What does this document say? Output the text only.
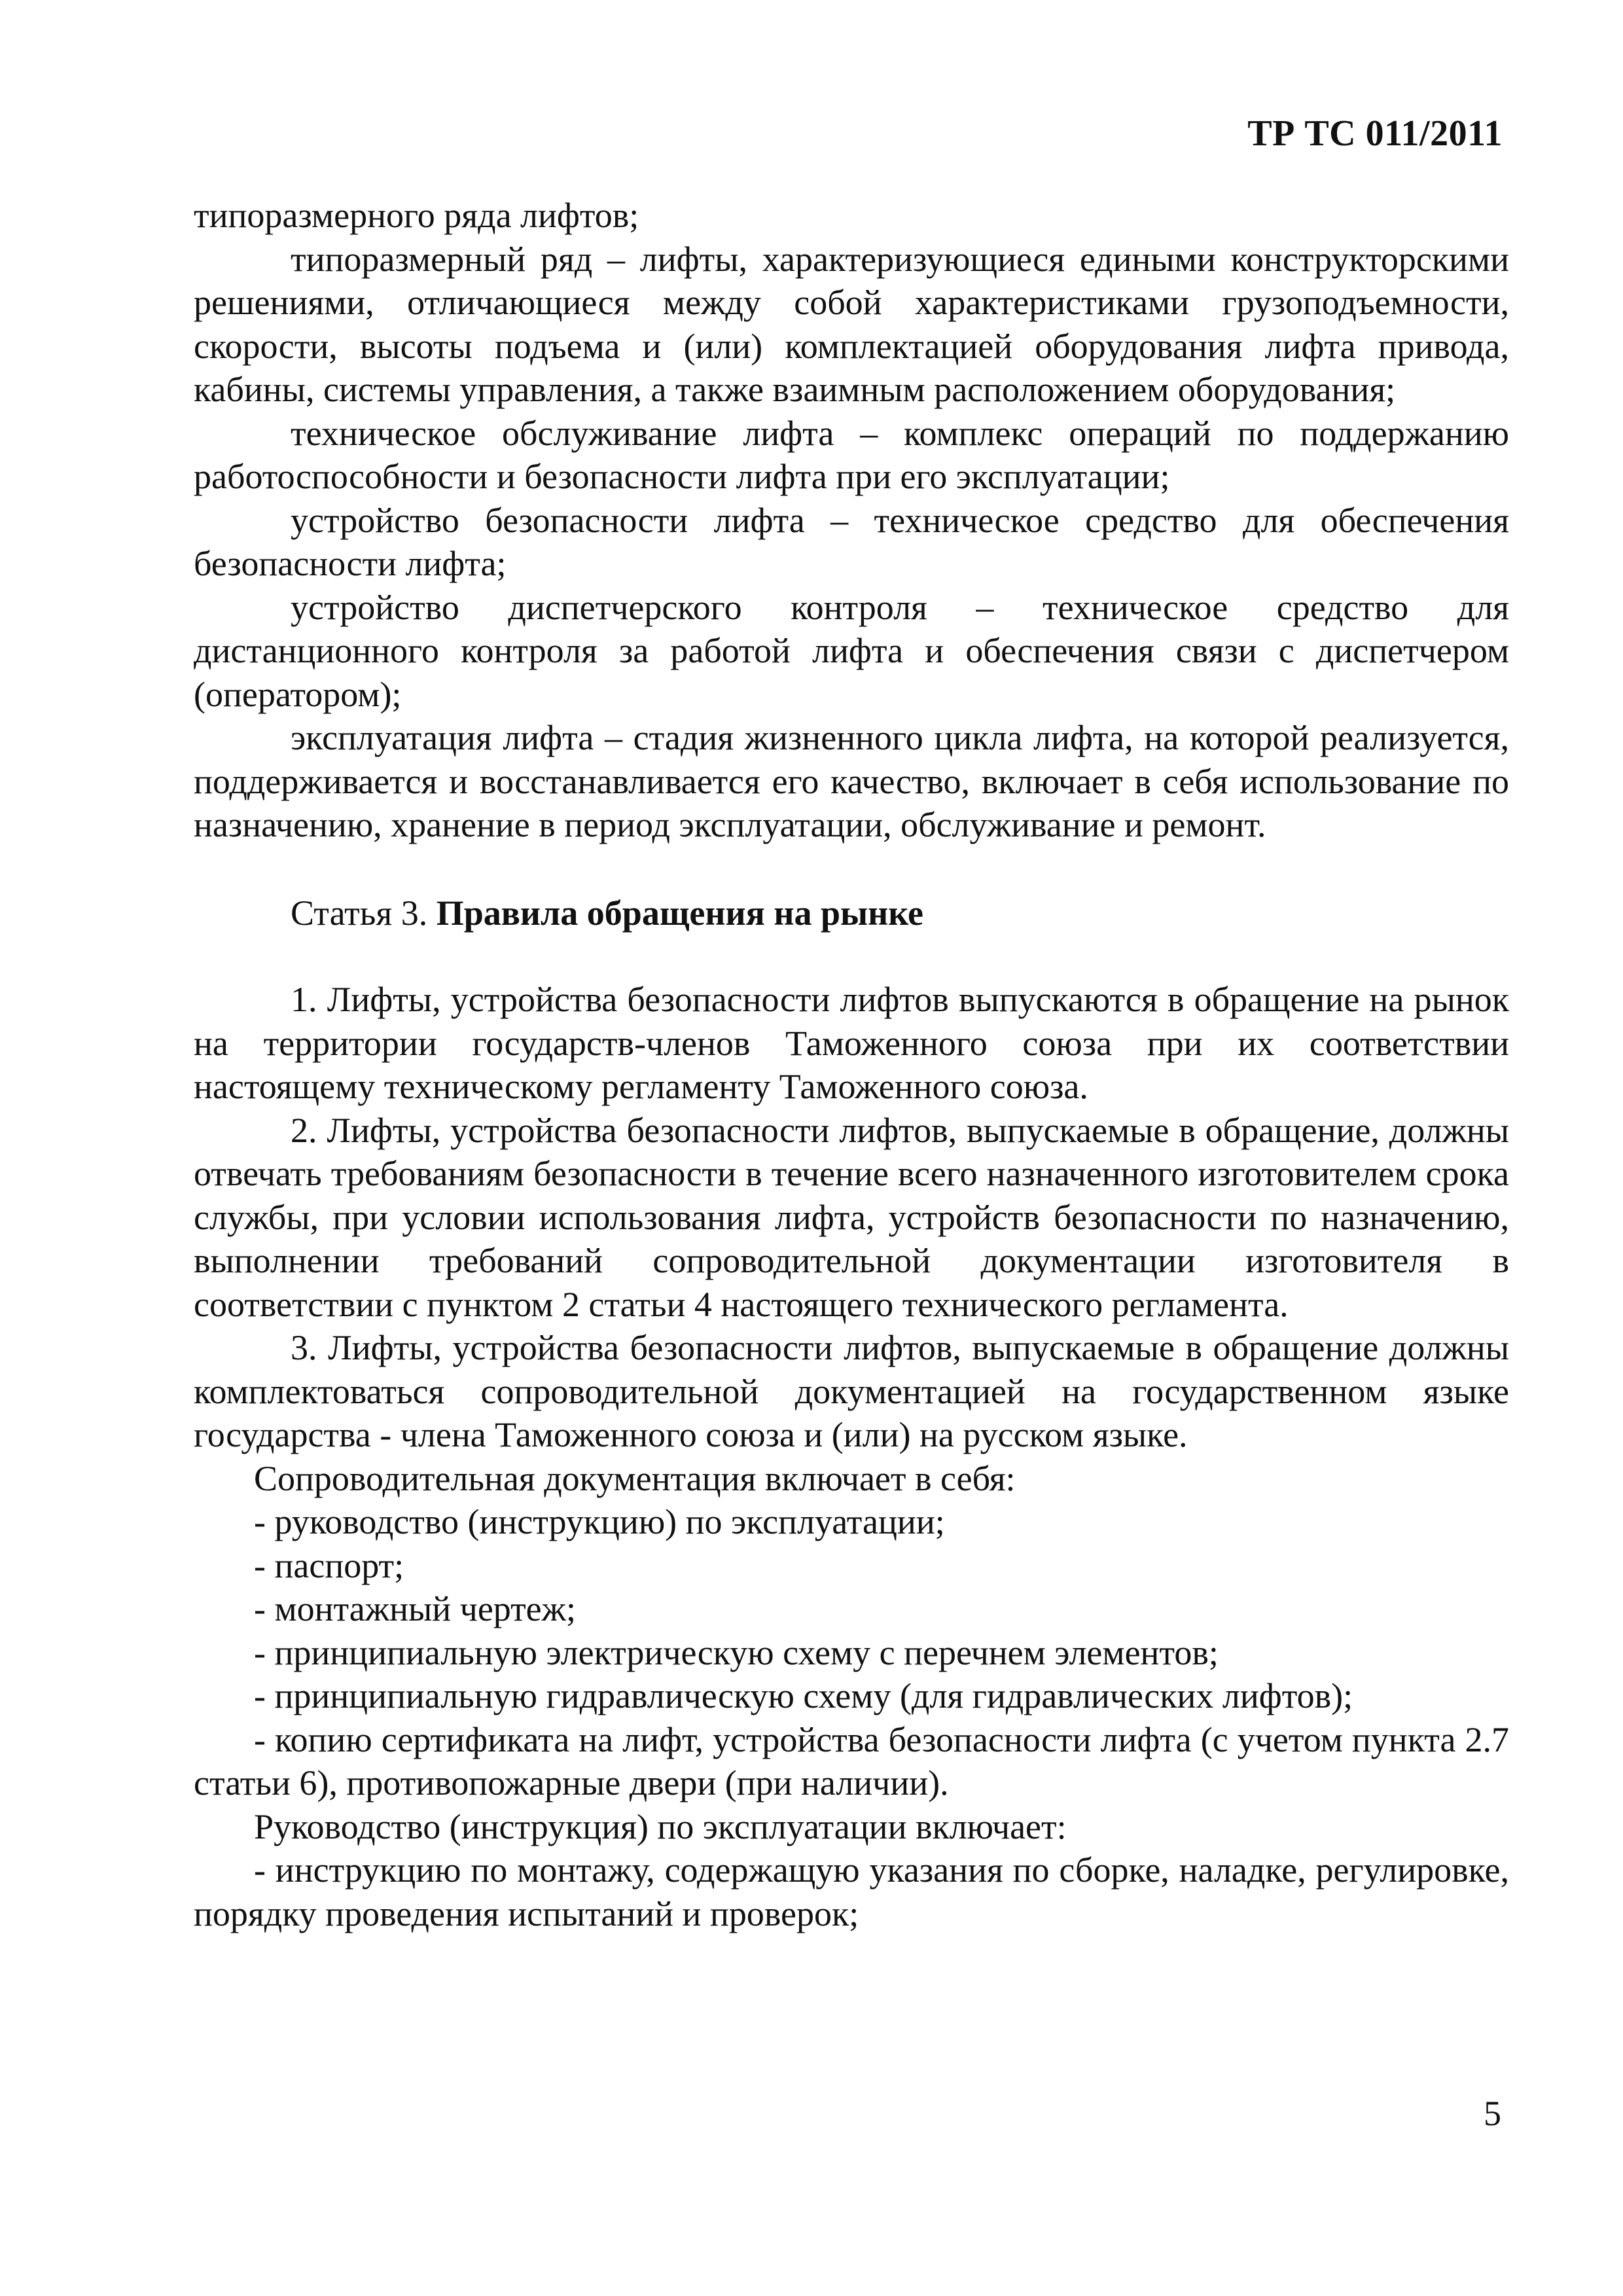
ТР ТС 011/2011

типоразмерного ряда лифтов;

типоразмерный ряд – лифты, характеризующиеся едиными конструкторскими решениями, отличающиеся между собой характеристиками грузоподъемности, скорости, высоты подъема и (или) комплектацией оборудования лифта привода, кабины, системы управления, а также взаимным расположением оборудования;

техническое обслуживание лифта – комплекс операций по поддержанию работоспособности и безопасности лифта при его эксплуатации;

устройство безопасности лифта – техническое средство для обеспечения безопасности лифта;

устройство диспетчерского контроля – техническое средство для дистанционного контроля за работой лифта и обеспечения связи с диспетчером (оператором);

эксплуатация лифта – стадия жизненного цикла лифта, на которой реализуется, поддерживается и восстанавливается его качество, включает в себя использование по назначению, хранение в период эксплуатации, обслуживание и ремонт.

Статья 3. Правила обращения на рынке

1. Лифты, устройства безопасности лифтов выпускаются в обращение на рынок на территории государств-членов Таможенного союза при их соответствии настоящему техническому регламенту Таможенного союза.

2. Лифты, устройства безопасности лифтов, выпускаемые в обращение, должны отвечать требованиям безопасности в течение всего назначенного изготовителем срока службы, при условии использования лифта, устройств безопасности по назначению, выполнении требований сопроводительной документации изготовителя в соответствии с пунктом 2 статьи 4 настоящего технического регламента.

3. Лифты, устройства безопасности лифтов, выпускаемые в обращение должны комплектоваться сопроводительной документацией на государственном языке государства - члена Таможенного союза и (или) на русском языке.

Сопроводительная документация включает в себя:

- руководство (инструкцию) по эксплуатации;

- паспорт;

- монтажный чертеж;

- принципиальную электрическую схему с перечнем элементов;

- принципиальную гидравлическую схему (для гидравлических лифтов);

- копию сертификата на лифт, устройства безопасности лифта (с учетом пункта 2.7 статьи 6), противопожарные двери (при наличии).

Руководство (инструкция) по эксплуатации включает:

- инструкцию по монтажу, содержащую указания по сборке, наладке, регулировке, порядку проведения испытаний и проверок;

5
